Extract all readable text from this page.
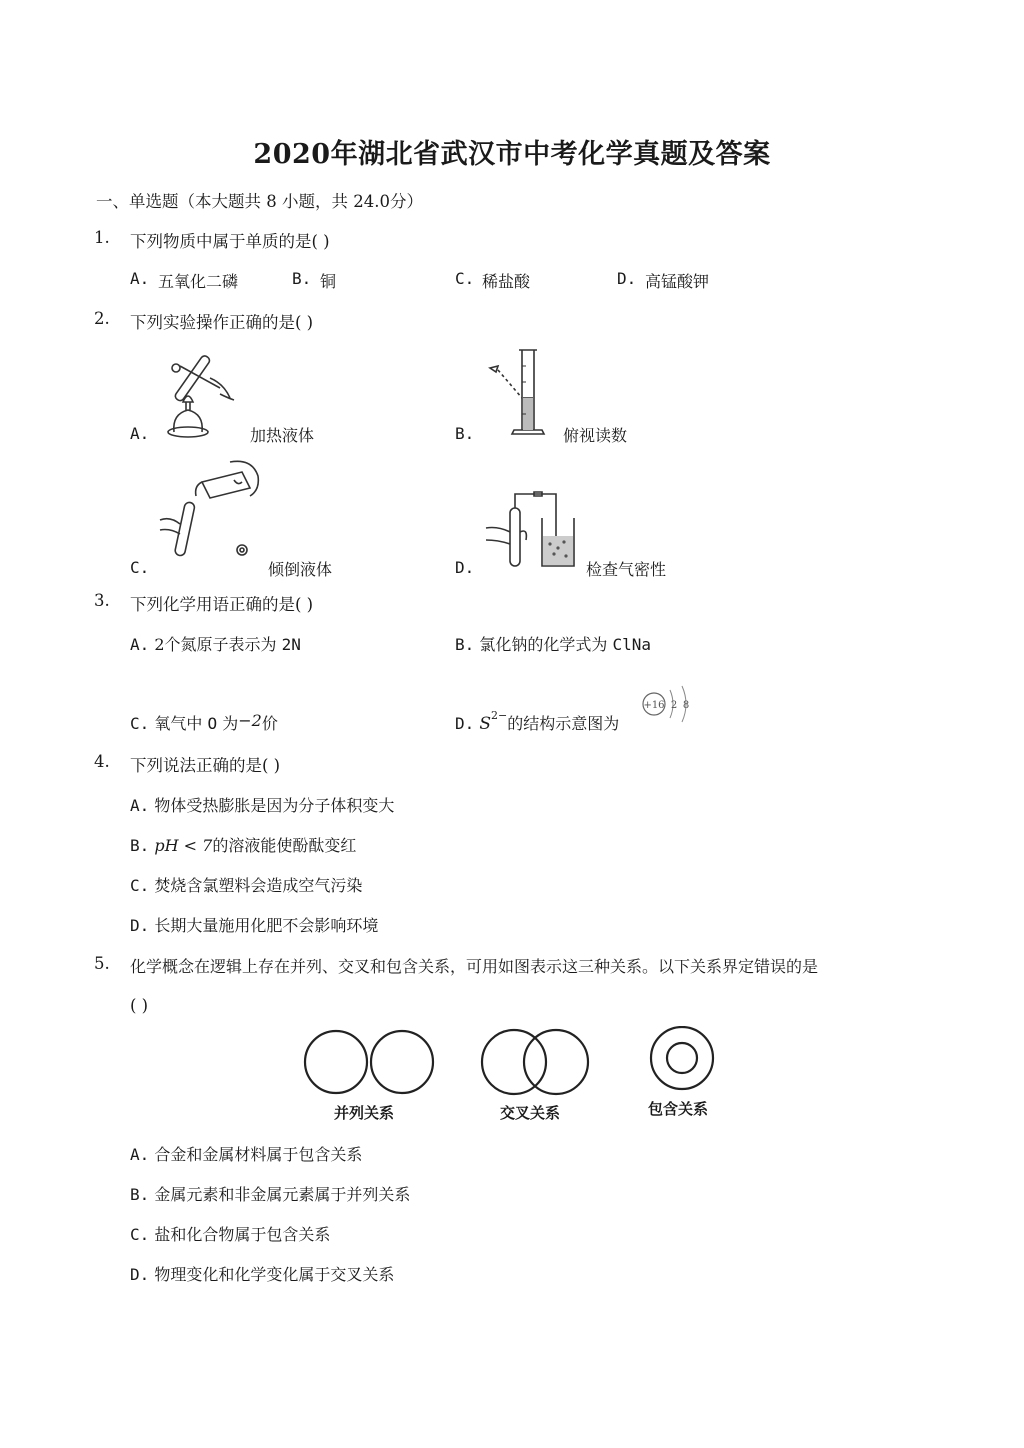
2020年湖北省武汉市中考化学真题及答案
一、单选题（本大题共 8 小题，共 24.0分）
1. 下列物质中属于单质的是( )
A. 五氧化二磷	B. 铜	C. 稀盐酸	D. 高锰酸钾
2. 下列实验操作正确的是( )
A.	加热液体	B.	俯视读数
C.	倾倒液体	D.	检查气密性
3. 下列化学用语正确的是( )
A. 2个氮原子表示为 2N	B. 氯化钠的化学式为 ClNa
C. 氧气中 O 为−2价	D. $S^{2-}$的结构示意图为
+16 2 8
4. 下列说法正确的是( )
A. 物体受热膨胀是因为分子体积变大
B. pH < 7的溶液能使酚酞变红
C. 焚烧含氯塑料会造成空气污染
D. 长期大量施用化肥不会影响环境
5. 化学概念在逻辑上存在并列、交叉和包含关系，可用如图表示这三种关系。以下关系界定错误的是
( )
并列关系	交叉关系	包含关系
A. 合金和金属材料属于包含关系
B. 金属元素和非金属元素属于并列关系
C. 盐和化合物属于包含关系
D. 物理变化和化学变化属于交叉关系
